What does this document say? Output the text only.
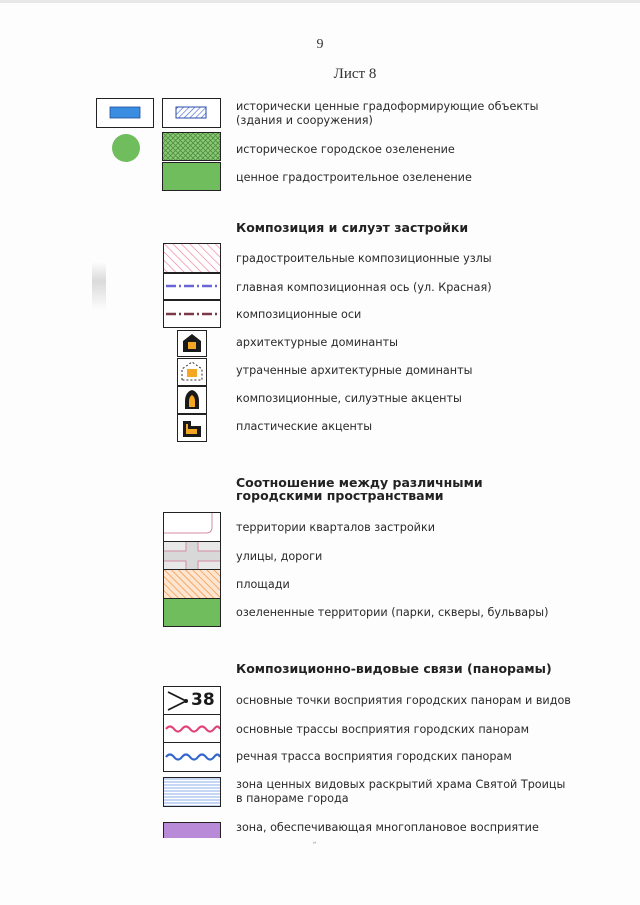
9
Лист 8
исторически ценные градоформирующие объекты
(здания и сооружения)
историческое городское озеленение
ценное градостроительное озеленение
Композиция и силуэт застройки
градостроительные композиционные узлы
главная композиционная ось (ул. Красная)
композиционные оси
архитектурные доминанты
утраченные архитектурные доминанты
композиционные, силуэтные акценты
пластические акценты
Соотношение между различными
городскими пространствами
территории кварталов застройки
улицы, дороги
площади
озелененные территории (парки, скверы, бульвары)
Композиционно-видовые связи (панорамы)
38 основные точки восприятия городских панорам и видов
основные трассы восприятия городских панорам
речная трасса восприятия городских панорам
зона ценных видовых раскрытий храма Святой Троицы
в панораме города
зона, обеспечивающая многоплановое восприятие
˝
